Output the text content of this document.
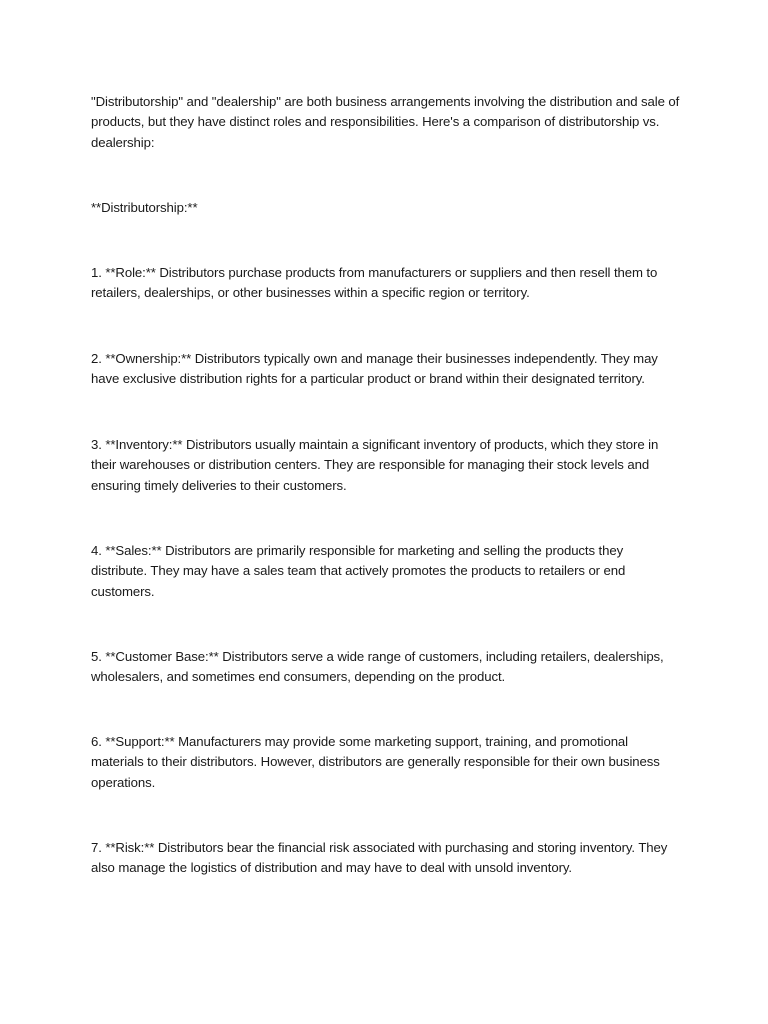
"Distributorship" and "dealership" are both business arrangements involving the distribution and sale of products, but they have distinct roles and responsibilities. Here's a comparison of distributorship vs. dealership:

**Distributorship:**

1. **Role:** Distributors purchase products from manufacturers or suppliers and then resell them to retailers, dealerships, or other businesses within a specific region or territory.

2. **Ownership:** Distributors typically own and manage their businesses independently. They may have exclusive distribution rights for a particular product or brand within their designated territory.

3. **Inventory:** Distributors usually maintain a significant inventory of products, which they store in their warehouses or distribution centers. They are responsible for managing their stock levels and ensuring timely deliveries to their customers.

4. **Sales:** Distributors are primarily responsible for marketing and selling the products they distribute. They may have a sales team that actively promotes the products to retailers or end customers.

5. **Customer Base:** Distributors serve a wide range of customers, including retailers, dealerships, wholesalers, and sometimes end consumers, depending on the product.

6. **Support:** Manufacturers may provide some marketing support, training, and promotional materials to their distributors. However, distributors are generally responsible for their own business operations.

7. **Risk:** Distributors bear the financial risk associated with purchasing and storing inventory. They also manage the logistics of distribution and may have to deal with unsold inventory.
